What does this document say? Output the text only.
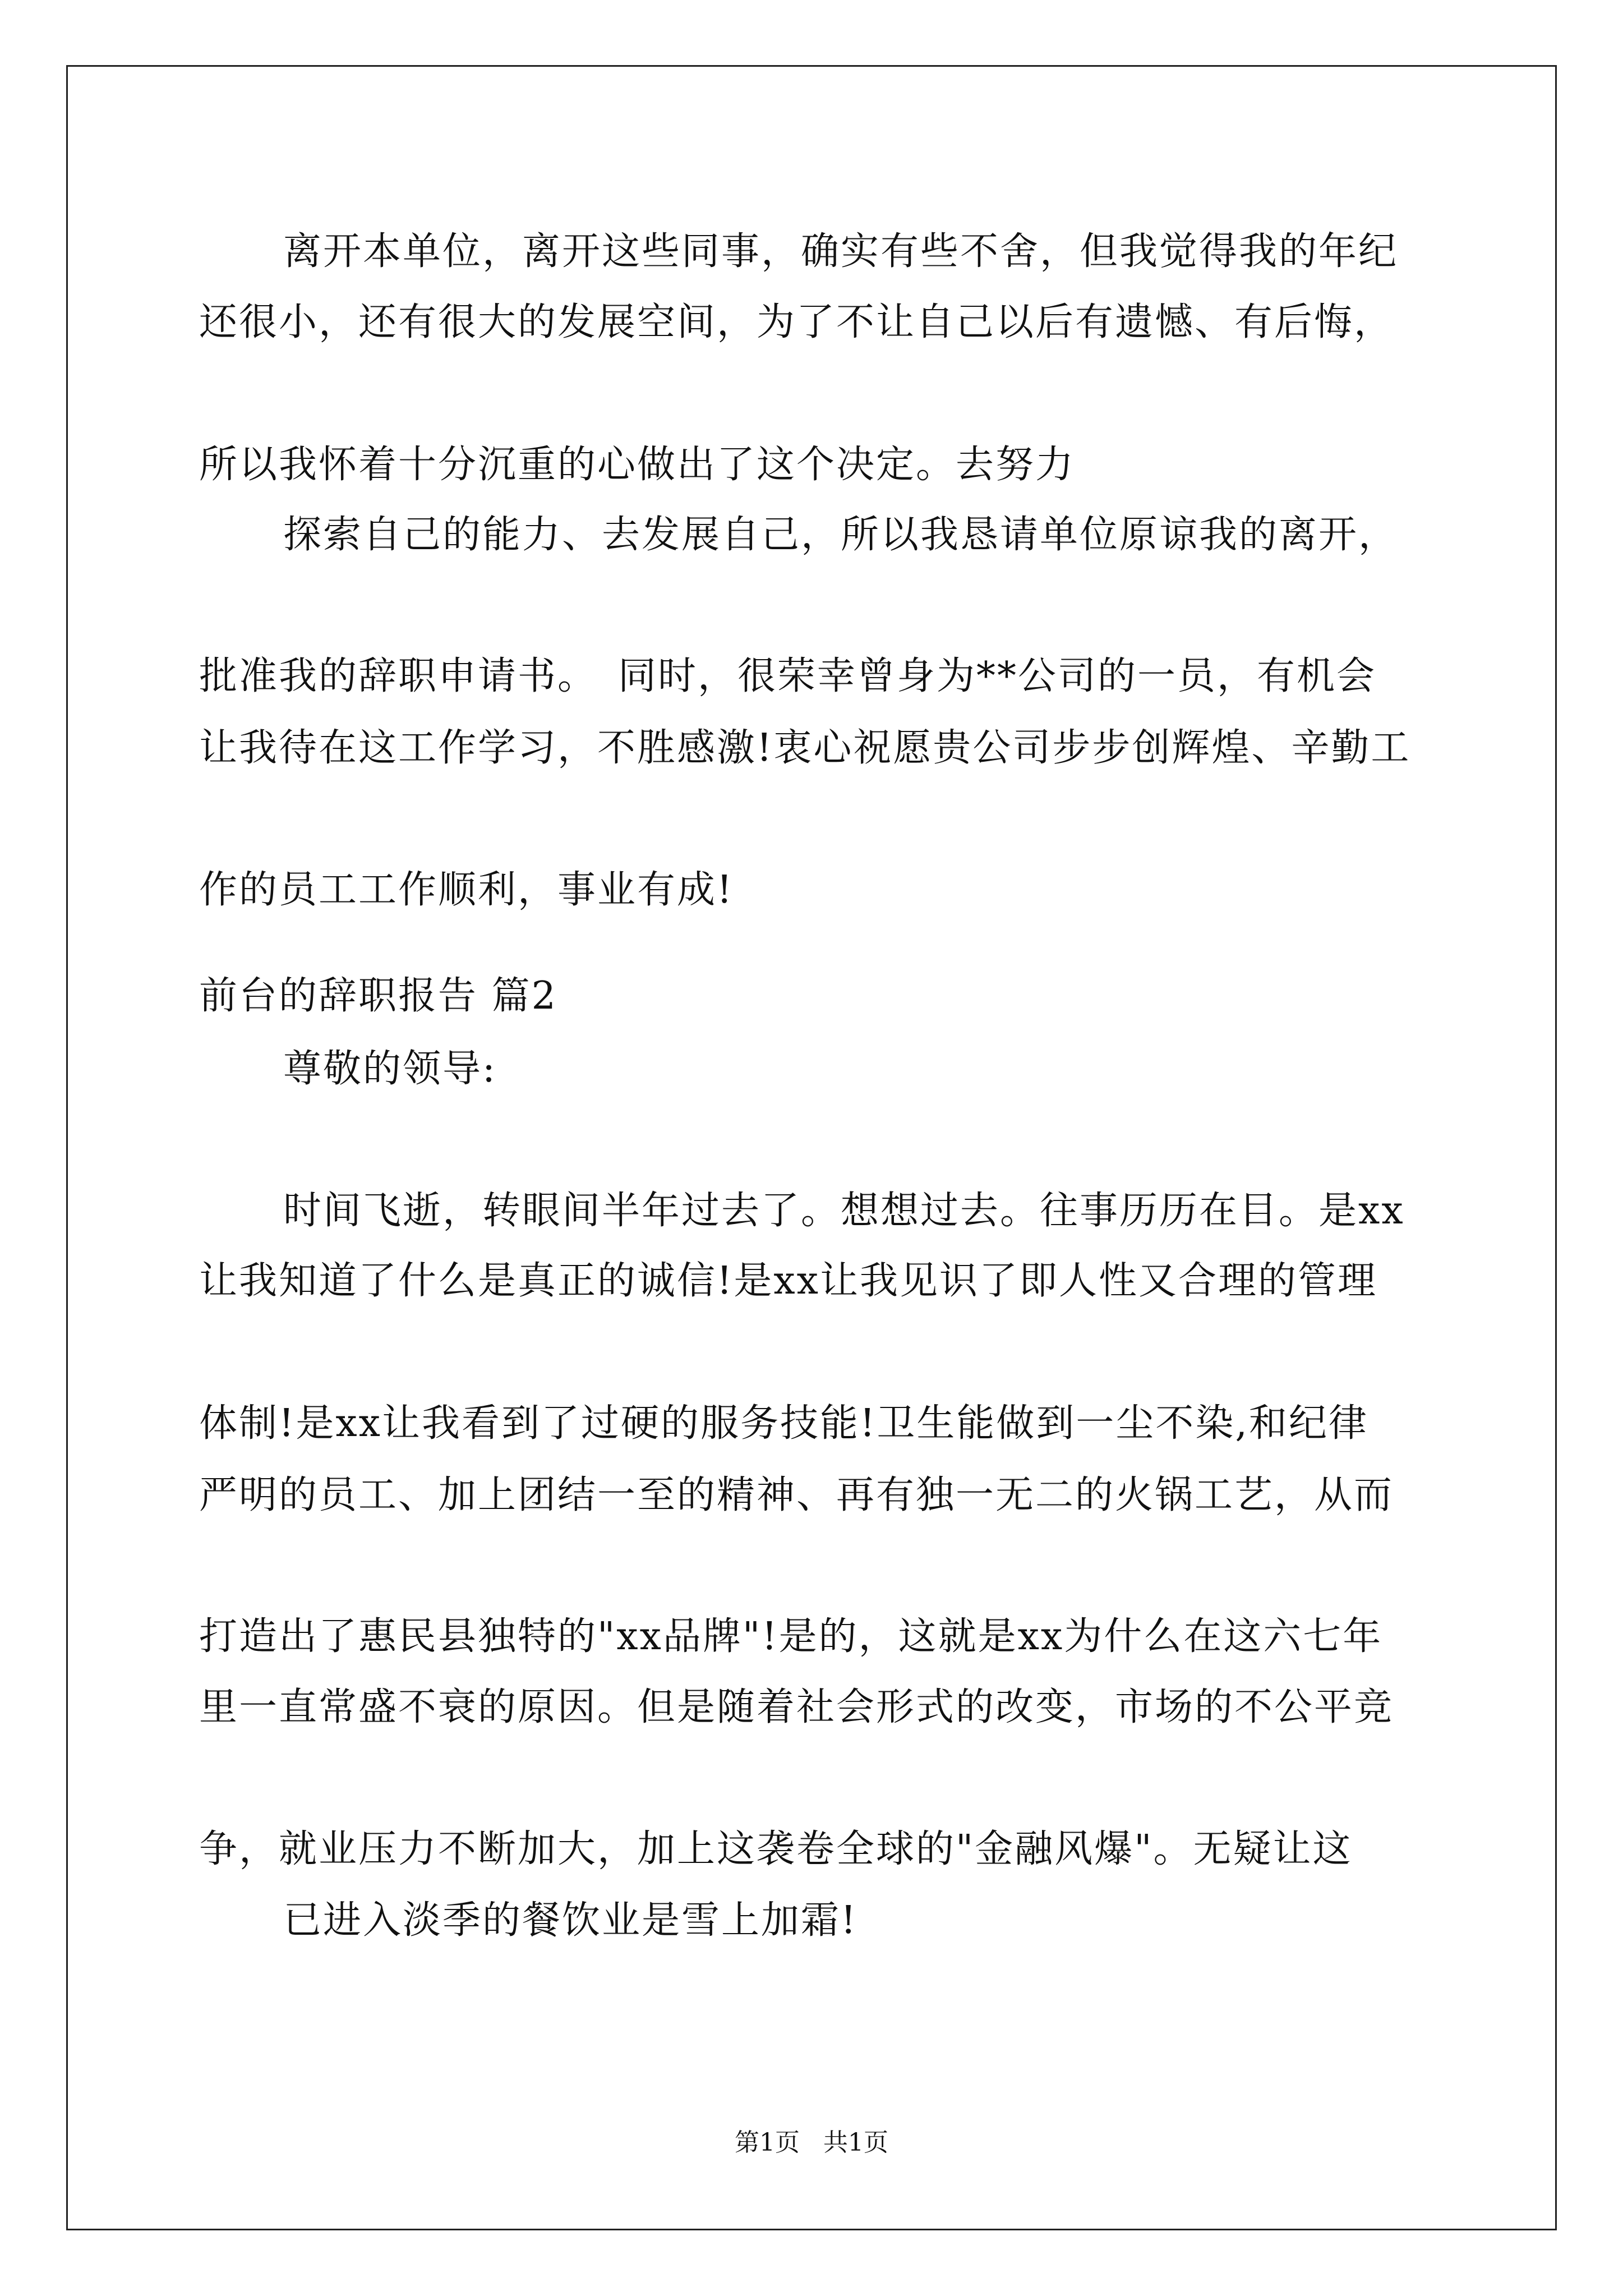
离开本单位，离开这些同事，确实有些不舍，但我觉得我的年纪
还很小，还有很大的发展空间，为了不让自己以后有遗憾、有后悔，
所以我怀着十分沉重的心做出了这个决定。去努力
探索自己的能力、去发展自己，所以我恳请单位原谅我的离开，
批准我的辞职申请书。　同时，很荣幸曾身为**公司的一员，有机会
让我待在这工作学习，不胜感激!衷心祝愿贵公司步步创辉煌、辛勤工
作的员工工作顺利，事业有成!
前台的辞职报告 篇2
尊敬的领导:
时间飞逝，转眼间半年过去了。想想过去。往事历历在目。是xx
让我知道了什么是真正的诚信!是xx让我见识了即人性又合理的管理
体制!是xx让我看到了过硬的服务技能!卫生能做到一尘不染,和纪律
严明的员工、加上团结一至的精神、再有独一无二的火锅工艺，从而
打造出了惠民县独特的"xx品牌"!是的，这就是xx为什么在这六七年
里一直常盛不衰的原因。但是随着社会形式的改变，市场的不公平竞
争，就业压力不断加大，加上这袭卷全球的"金融风爆"。无疑让这
已进入淡季的餐饮业是雪上加霜!
第1页   共1页
